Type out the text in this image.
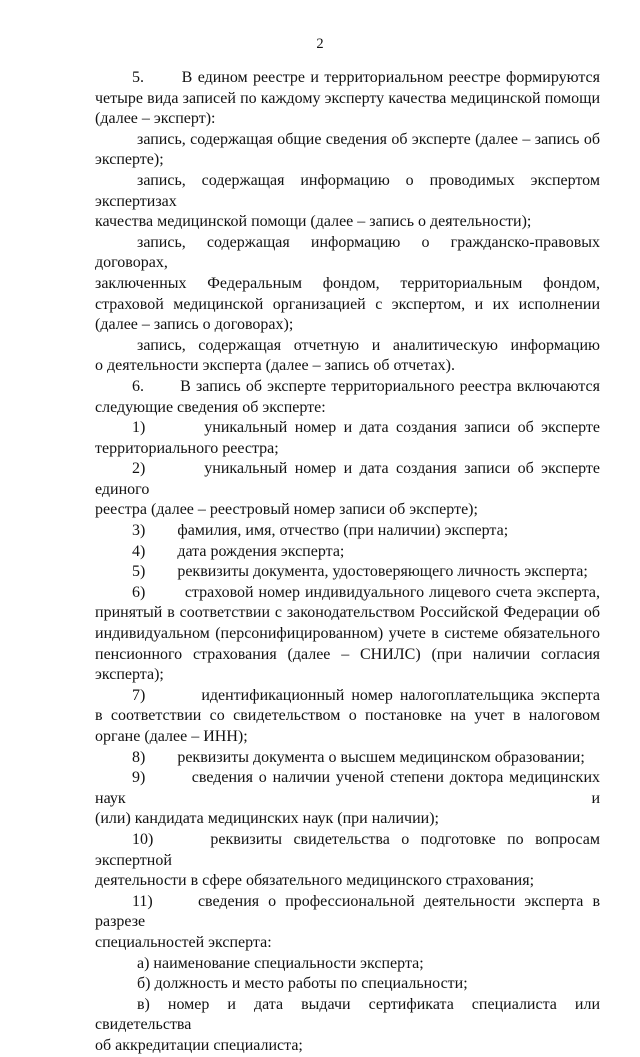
2

5.       В едином реестре и территориальном реестре формируются

четыре вида записей по каждому эксперту качества медицинской помощи (далее – эксперт):

запись, содержащая общие сведения об эксперте (далее – запись об

эксперте);

запись, содержащая информацию о проводимых экспертом экспертизах

качества медицинской помощи (далее – запись о деятельности);

запись, содержащая информацию о гражданско-правовых договорах,

заключенных Федеральным фондом, территориальным фондом, страховой медицинской организацией с экспертом, и их исполнении (далее – запись о договорах);

запись, содержащая отчетную и аналитическую информацию

о деятельности эксперта (далее – запись об отчетах).

6.       В запись об эксперте территориального реестра включаются

следующие сведения об эксперте:

1)	уникальный номер и дата создания записи об эксперте

территориального реестра;

2)	уникальный номер и дата создания записи об эксперте единого

реестра (далее – реестровый номер записи об эксперте);

3) фамилия, имя, отчество (при наличии) эксперта;

4) дата рождения эксперта;

5) реквизиты документа, удостоверяющего личность эксперта;

6) страховой номер индивидуального лицевого счета эксперта,

принятый в соответствии с законодательством Российской Федерации об индивидуальном (персонифицированном) учете в системе обязательного пенсионного страхования (далее – СНИЛС) (при наличии согласия эксперта);

7)	идентификационный номер налогоплательщика эксперта

в соответствии со свидетельством о постановке на учет в налоговом органе (далее – ИНН);

8) реквизиты документа о высшем медицинском образовании;

9)	сведения о наличии ученой степени доктора медицинских наук и

(или) кандидата медицинских наук (при наличии);

10)	реквизиты свидетельства о подготовке по вопросам экспертной

деятельности в сфере обязательного медицинского страхования;

11)	сведения о профессиональной деятельности эксперта в разрезе

специальностей эксперта:

а) наименование специальности эксперта;

б) должность и место работы по специальности;

в) номер и дата выдачи сертификата специалиста или свидетельства

об аккредитации специалиста;
